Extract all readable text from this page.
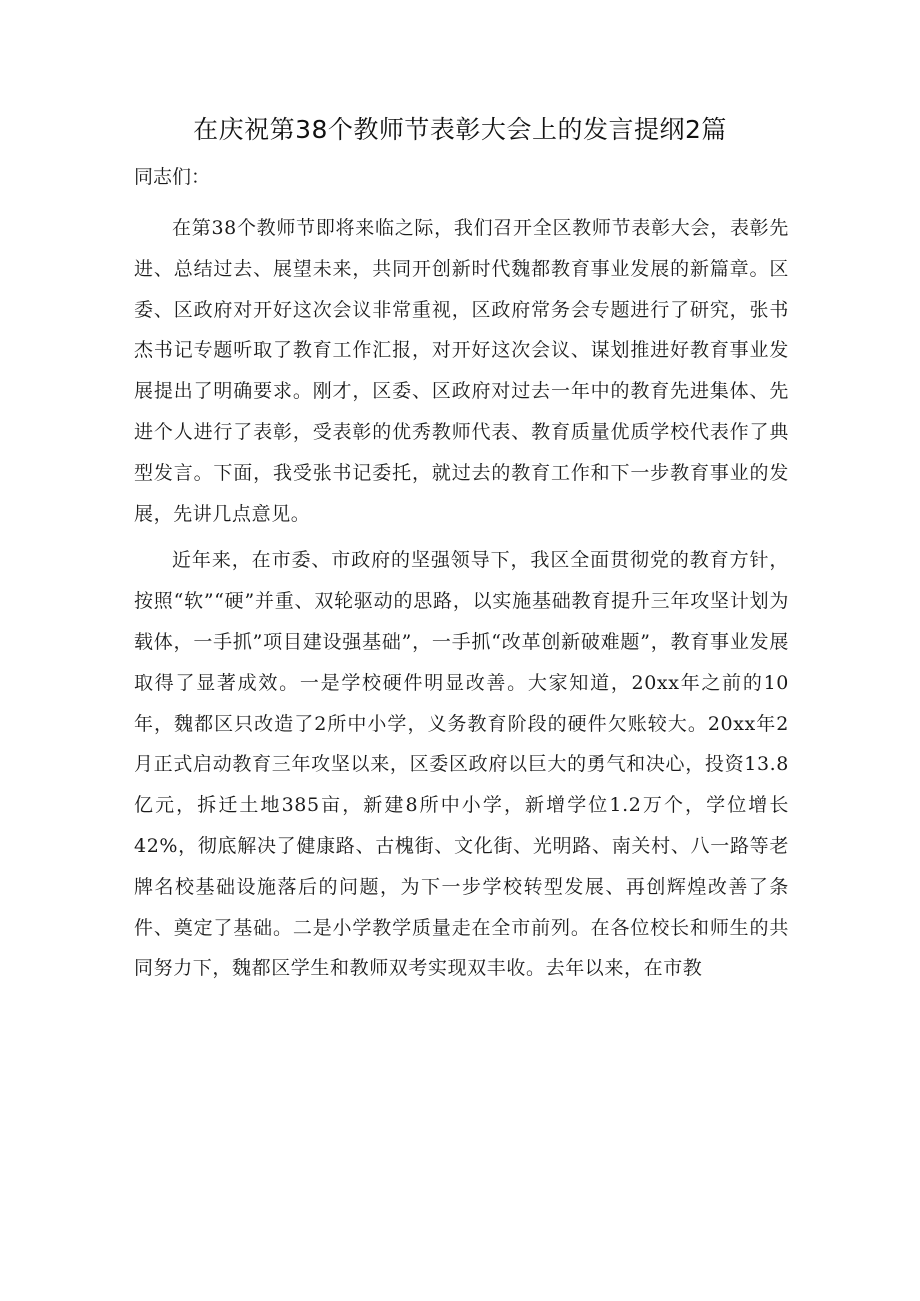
在庆祝第38个教师节表彰大会上的发言提纲2篇

同志们：

在第38个教师节即将来临之际，我们召开全区教师节表彰大会，表彰先进、总结过去、展望未来，共同开创新时代魏都教育事业发展的新篇章。区委、区政府对开好这次会议非常重视，区政府常务会专题进行了研究，张书杰书记专题听取了教育工作汇报，对开好这次会议、谋划推进好教育事业发展提出了明确要求。刚才，区委、区政府对过去一年中的教育先进集体、先进个人进行了表彰，受表彰的优秀教师代表、教育质量优质学校代表作了典型发言。下面，我受张书记委托，就过去的教育工作和下一步教育事业的发展，先讲几点意见。

近年来，在市委、市政府的坚强领导下，我区全面贯彻党的教育方针，按照“软”“硬”并重、双轮驱动的思路，以实施基础教育提升三年攻坚计划为载体，一手抓”项目建设强基础”，一手抓“改革创新破难题”，教育事业发展取得了显著成效。一是学校硬件明显改善。大家知道，20xx年之前的10年，魏都区只改造了2所中小学，义务教育阶段的硬件欠账较大。20xx年2月正式启动教育三年攻坚以来，区委区政府以巨大的勇气和决心，投资13.8亿元，拆迁土地385亩，新建8所中小学，新增学位1.2万个，学位增长42%，彻底解决了健康路、古槐街、文化街、光明路、南关村、八一路等老牌名校基础设施落后的问题，为下一步学校转型发展、再创辉煌改善了条件、奠定了基础。二是小学教学质量走在全市前列。在各位校长和师生的共同努力下，魏都区学生和教师双考实现双丰收。去年以来，在市教
